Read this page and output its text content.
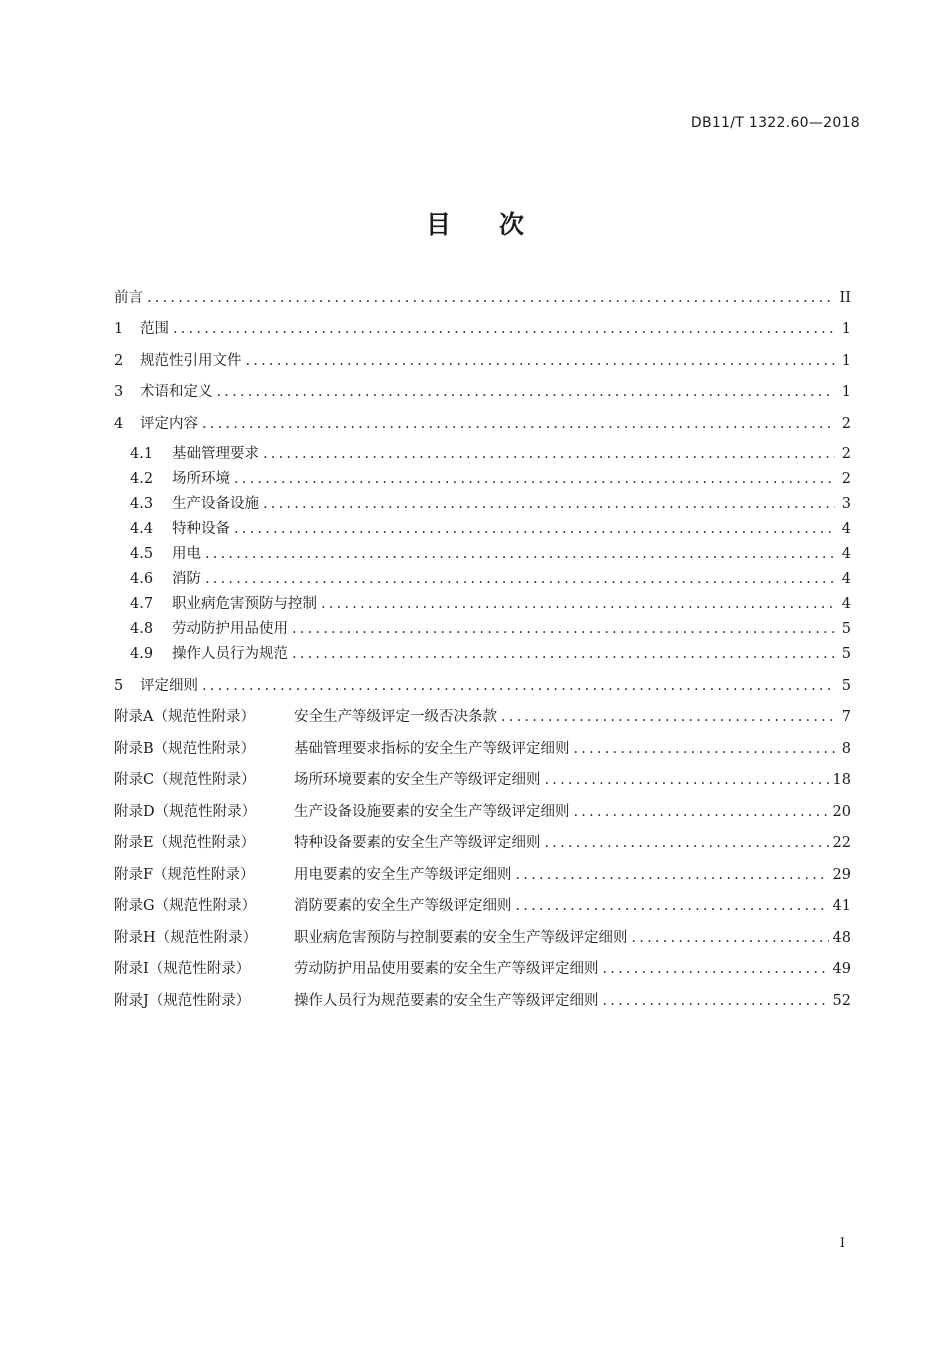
DB11/T 1322.60—2018
目次
前言 .....	II
1	范围 .....	1
2	规范性引用文件 .....	1
3	术语和定义 .....	1
4	评定内容 .....	2
4.1	基础管理要求 .....	2
4.2	场所环境 .....	2
4.3	生产设备设施 .....	3
4.4	特种设备 .....	4
4.5	用电 .....	4
4.6	消防 .....	4
4.7	职业病危害预防与控制 .....	4
4.8	劳动防护用品使用 .....	5
4.9	操作人员行为规范 .....	5
5	评定细则 .....	5
附录A（规范性附录）	安全生产等级评定一级否决条款 .....	7
附录B（规范性附录）	基础管理要求指标的安全生产等级评定细则 .....	8
附录C（规范性附录）	场所环境要素的安全生产等级评定细则 .....	18
附录D（规范性附录）	生产设备设施要素的安全生产等级评定细则 .....	20
附录E（规范性附录）	特种设备要素的安全生产等级评定细则 .....	22
附录F（规范性附录）	用电要素的安全生产等级评定细则 .....	29
附录G（规范性附录）	消防要素的安全生产等级评定细则 .....	41
附录H（规范性附录）	职业病危害预防与控制要素的安全生产等级评定细则 .....	48
附录I（规范性附录）	劳动防护用品使用要素的安全生产等级评定细则 .....	49
附录J（规范性附录）	操作人员行为规范要素的安全生产等级评定细则 .....	52
I
